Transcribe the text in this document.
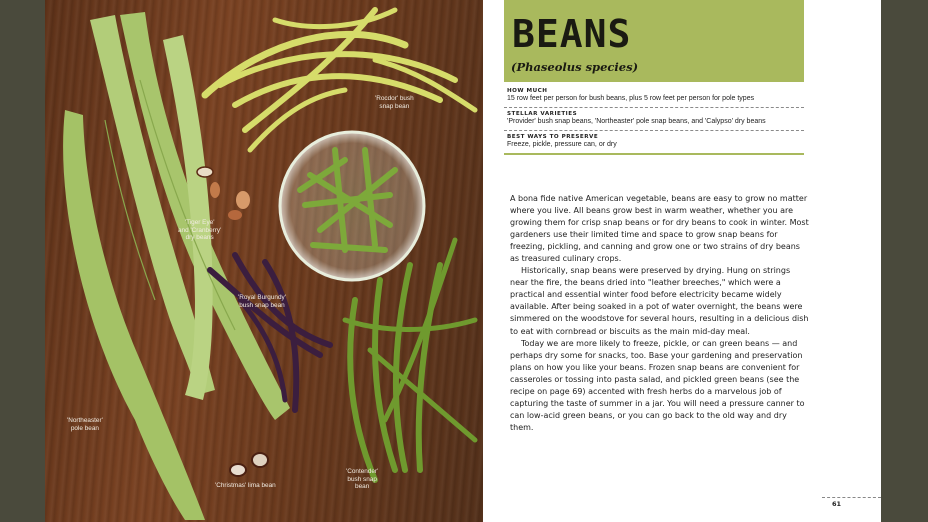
'Rocdor' bush
snap bean
'Tiger Eye'
and 'Cranberry'
dry beans
'Royal Burgundy'
bush snap bean
'Northeaster'
pole bean
'Christmas' lima bean
'Contender'
bush snap
bean
BEANS
(Phaseolus species)
HOW MUCH
15 row feet per person for bush beans, plus 5 row feet per person for pole types
STELLAR VARIETIES
'Provider' bush snap beans, 'Northeaster' pole snap beans, and 'Calypso' dry beans
BEST WAYS TO PRESERVE
Freeze, pickle, pressure can, or dry

A bona fide native American vegetable, beans are easy to grow no matter where you live. All beans grow best in warm weather, whether you are growing them for crisp snap beans or for dry beans to cook in winter. Most gardeners use their limited time and space to grow snap beans for freezing, pickling, and canning and grow one or two strains of dry beans as treasured culinary crops.

Historically, snap beans were preserved by drying. Hung on strings near the fire, the beans dried into "leather breeches," which were a practical and essential winter food before electricity became widely available. After being soaked in a pot of water overnight, the beans were simmered on the woodstove for several hours, resulting in a delicious dish to eat with cornbread or biscuits as the main mid-day meal.

Today we are more likely to freeze, pickle, or can green beans — and perhaps dry some for snacks, too. Base your gardening and preservation plans on how you like your beans. Frozen snap beans are convenient for casseroles or tossing into pasta salad, and pickled green beans (see the recipe on page 69) accented with fresh herbs do a marvelous job of capturing the taste of summer in a jar. You will need a pressure canner to can low-acid green beans, or you can go back to the old way and dry them.

61
